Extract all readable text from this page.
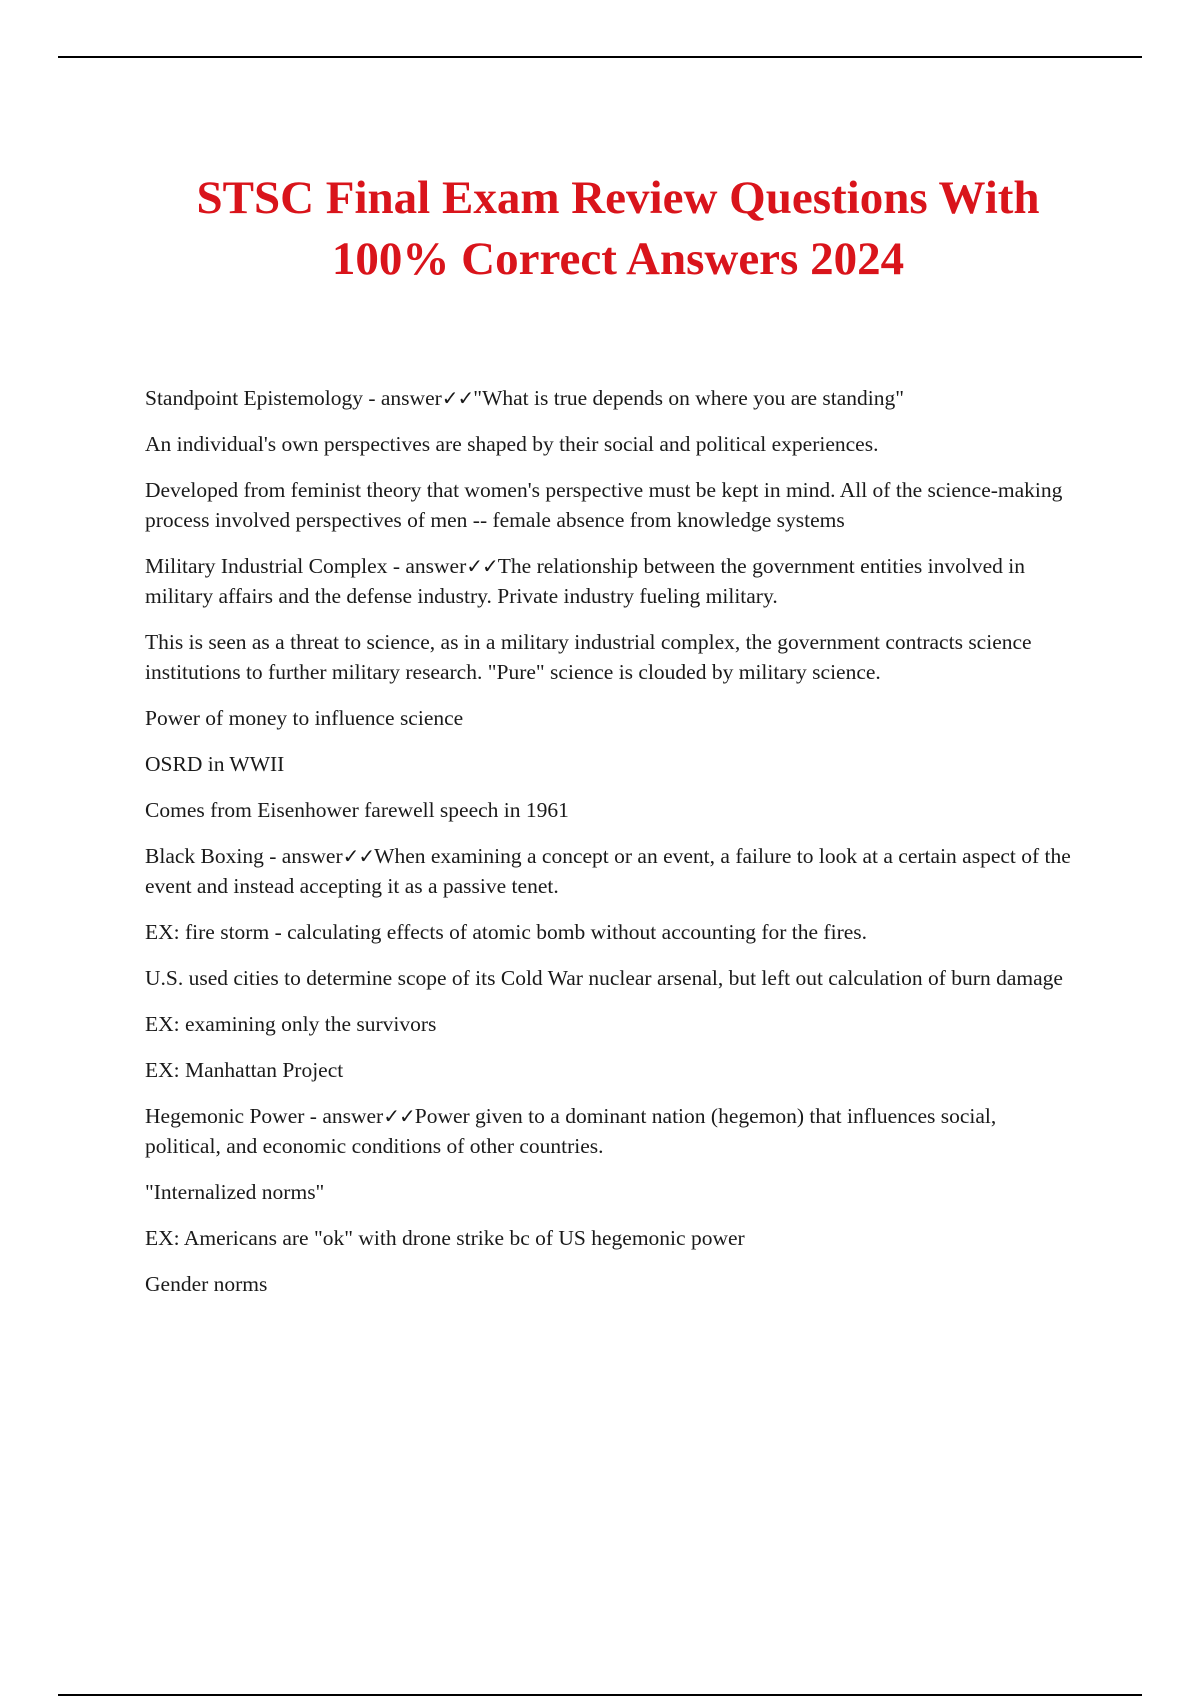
STSC Final Exam Review Questions With 100% Correct Answers 2024

Standpoint Epistemology - answer✓✓"What is true depends on where you are standing"

An individual's own perspectives are shaped by their social and political experiences.

Developed from feminist theory that women's perspective must be kept in mind. All of the science-making process involved perspectives of men -- female absence from knowledge systems

Military Industrial Complex - answer✓✓The relationship between the government entities involved in military affairs and the defense industry. Private industry fueling military.

This is seen as a threat to science, as in a military industrial complex, the government contracts science institutions to further military research. "Pure" science is clouded by military science.

Power of money to influence science

OSRD in WWII

Comes from Eisenhower farewell speech in 1961

Black Boxing - answer✓✓When examining a concept or an event, a failure to look at a certain aspect of the event and instead accepting it as a passive tenet.

EX: fire storm - calculating effects of atomic bomb without accounting for the fires.

U.S. used cities to determine scope of its Cold War nuclear arsenal, but left out calculation of burn damage

EX: examining only the survivors

EX: Manhattan Project

Hegemonic Power - answer✓✓Power given to a dominant nation (hegemon) that influences social, political, and economic conditions of other countries.

"Internalized norms"

EX: Americans are "ok" with drone strike bc of US hegemonic power

Gender norms
